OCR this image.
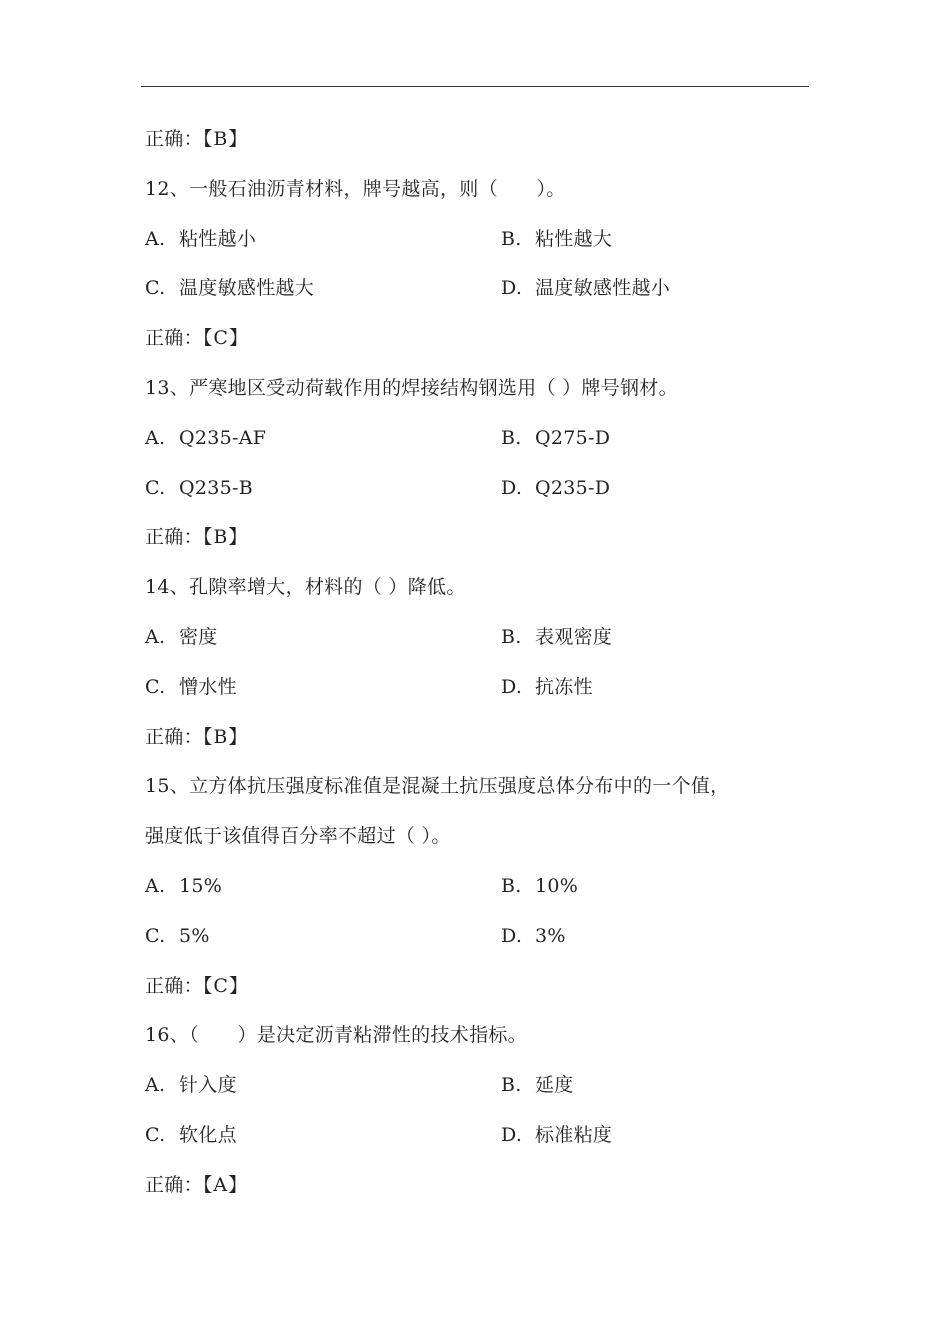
正确：【B】
12、一般石油沥青材料，牌号越高，则（　　）。
A. 粘性越小	B. 粘性越大
C. 温度敏感性越大	D. 温度敏感性越小
正确：【C】
13、严寒地区受动荷载作用的焊接结构钢选用（ ）牌号钢材。
A. Q235-AF	B. Q275-D
C. Q235-B	D. Q235-D
正确：【B】
14、孔隙率增大，材料的（ ）降低。
A. 密度	B. 表观密度
C. 憎水性	D. 抗冻性
正确：【B】
15、立方体抗压强度标准值是混凝土抗压强度总体分布中的一个值，
强度低于该值得百分率不超过（ ）。
A. 15%	B. 10%
C. 5%	D. 3%
正确：【C】
16、（　　）是决定沥青粘滞性的技术指标。
A. 针入度	B. 延度
C. 软化点	D. 标准粘度
正确：【A】
